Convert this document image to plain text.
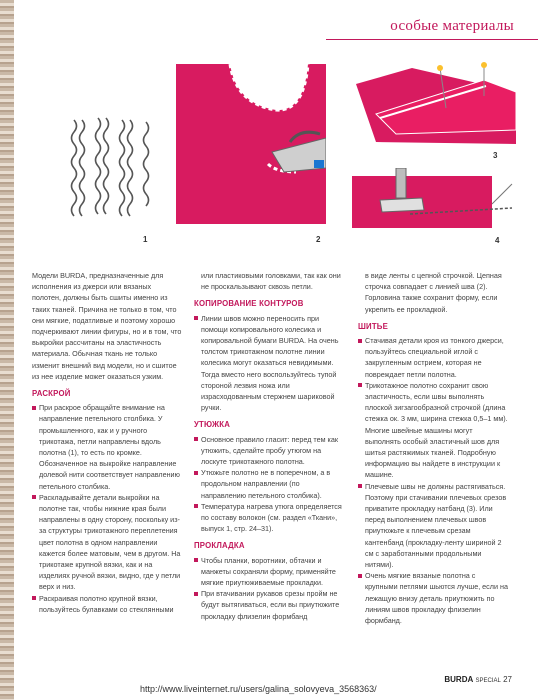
особые материалы
1	2
3
4

Модели BURDA, предназначенные для исполнения из джерси или вязаных полотен, должны быть сшиты именно из таких тканей. Причина не только в том, что они мягкие, податливые и поэтому хорошо подчеркивают линии фигуры, но и в том, что выкройки рассчитаны на эластичность материала. Обычная ткань не только изменит внешний вид модели, но и сшитое из нее изделие может оказаться узким.

РАСКРОЙ

При раскрое обращайте внимание на направление петельного столбика. У промышленного, как и у ручного трикотажа, петли направлены вдоль полотна (1), то есть по кромке. Обозначенное на выкройке направление долевой нити соответствует направлению петельного столбика.

Раскладывайте детали выкройки на полотне так, чтобы нижние края были направлены в одну сторону, поскольку из-за структуры трикотажного переплетения цвет полотна в одном направлении кажется более матовым, чем в другом. На трикотаже крупной вязки, как и на изделиях ручной вязки, видно, где у петли верх и низ.

Раскраивая полотно крупной вязки, пользуйтесь булавками со стеклянными

или пластиковыми головками, так как они не проскальзывают сквозь петли.

КОПИРОВАНИЕ КОНТУРОВ

Линии швов можно переносить при помощи копировального колесика и копировальной бумаги BURDA. На очень толстом трикотажном полотне линии колесика могут оказаться невидимыми. Тогда вместо него воспользуйтесь тупой стороной лезвия ножа или израсходованным стержнем шариковой ручки.

УТЮЖКА

Основное правило гласит: перед тем как утюжить, сделайте пробу утюгом на лоскуте трикотажного полотна.

Утюжьте полотно не в поперечном, а в продольном направлении (по направлению петельного столбика).

Температура нагрева утюга определяется по составу волокон (см. раздел «Ткани», выпуск 1, стр. 24–31).

ПРОКЛАДКА

Чтобы планки, воротники, обтачки и манжеты сохраняли форму, применяйте мягкие приутюживаемые прокладки.

При втачивании рукавов срезы пройм не будут вытягиваться, если вы приутюжите прокладку флизелин формбанд

в виде ленты с цепной строчкой. Цепная строчка совпадает с линией шва (2). Горловина также сохранит форму, если укрепить ее прокладкой.

ШИТЬЕ

Стачивая детали кроя из тонкого джерси, пользуйтесь специальной иглой с закругленным острием, которая не повреждает петли полотна.

Трикотажное полотно сохранит свою эластичность, если швы выполнять плоской зигзагообразной строчкой (длина стежка ок. 3 мм, ширина стежка 0,5–1 мм). Многие швейные машины могут выполнять особый эластичный шов для шитья растяжимых тканей. Подробную информацию вы найдете в инструкции к машине.

Плечевые швы не должны растягиваться. Поэтому при стачивании плечевых срезов приватите прокладку натбанд (3). Или перед выполнением плечевых швов приутюжьте к плечевым срезам кантенбанд (прокладку-ленту шириной 2 см с заработанными продольными нитями).

Очень мягкие вязаные полотна с крупными петлями шьются лучше, если на лежащую внизу деталь приутюжить по линиям швов прокладку флизелин формбанд.

http://www.liveinternet.ru/users/galina_solovyeva_3568363/
BURDA SPECIAL 27
